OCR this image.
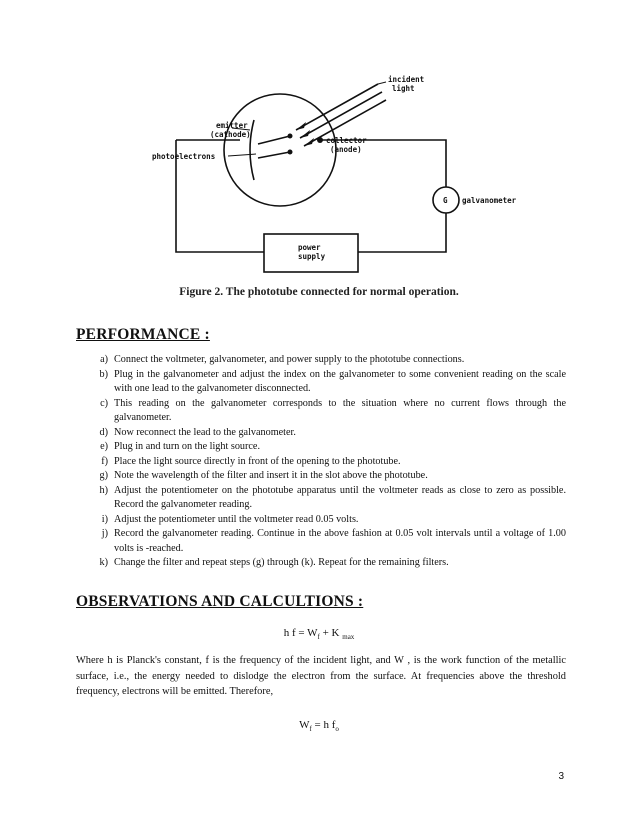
incident
light
emitter
(cathode)
photoelectrons
collector
(anode)
G galvanometer
power
supply
Figure 2. The phototube connected for normal operation.
PERFORMANCE :
a) Connect the voltmeter, galvanometer, and power supply to the phototube connections.
b) Plug in the galvanometer and adjust the index on the galvanometer to some convenient reading on the scale with one lead to the galvanometer disconnected.
c) This reading on the galvanometer corresponds to the situation where no current flows through the galvanometer.
d) Now reconnect the lead to the galvanometer.
e) Plug in and turn on the light source.
f) Place the light source directly in front of the opening to the phototube.
g) Note the wavelength of the filter and insert it in the slot above the phototube.
h) Adjust the potentiometer on the phototube apparatus until the voltmeter reads as close to zero as possible. Record the galvanometer reading.
i) Adjust the potentiometer until the voltmeter read 0.05 volts.
j) Record the galvanometer reading. Continue in the above fashion at 0.05 volt intervals until a voltage of 1.00 volts is -reached.
k) Change the filter and repeat steps (g) through (k). Repeat for the remaining filters.
OBSERVATIONS AND CALCULTIONS :
h $f = W_f + K$ $_{max}$

Where h is Planck's constant, f is the frequency of the incident light, and W , is the work function of the metallic surface, i.e., the energy needed to dislodge the electron from the surface. At frequencies above the threshold frequency, electrons will be emitted. Therefore,

$W_f = h$ $f_o$
3
